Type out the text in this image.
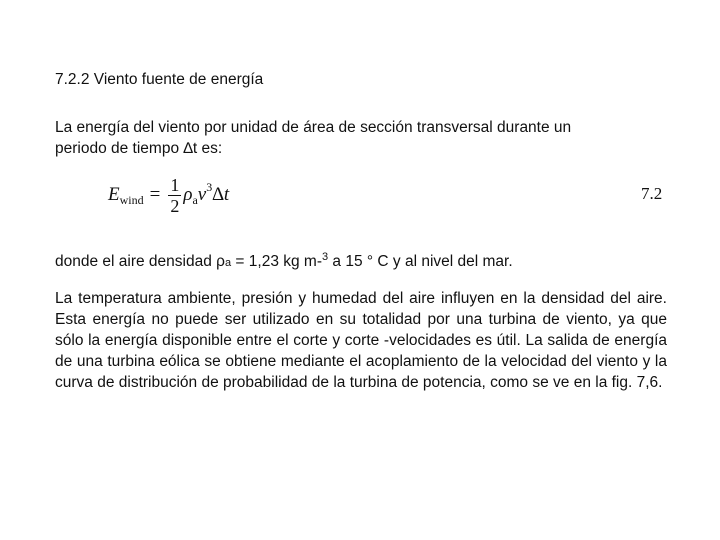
7.2.2 Viento fuente de energía

La energía del viento por unidad de área de sección transversal durante un
periodo de tiempo ∆t es:

E wind = $\frac{1}{2}$ ρ a v 3 ∆t	7.2

donde el aire densidad ρa = 1,23 kg m-$^3$ a 15 ° C y al nivel del mar.

La temperatura ambiente, presión y humedad del aire influyen en la densidad del aire. Esta energía no puede ser utilizado en su totalidad por una turbina de viento, ya que sólo la energía disponible entre el corte y corte -velocidades es útil. La salida de energía de una turbina eólica se obtiene mediante el acoplamiento de la velocidad del viento y la curva de distribución de probabilidad de la turbina de potencia, como se ve en la fig. 7,6.
